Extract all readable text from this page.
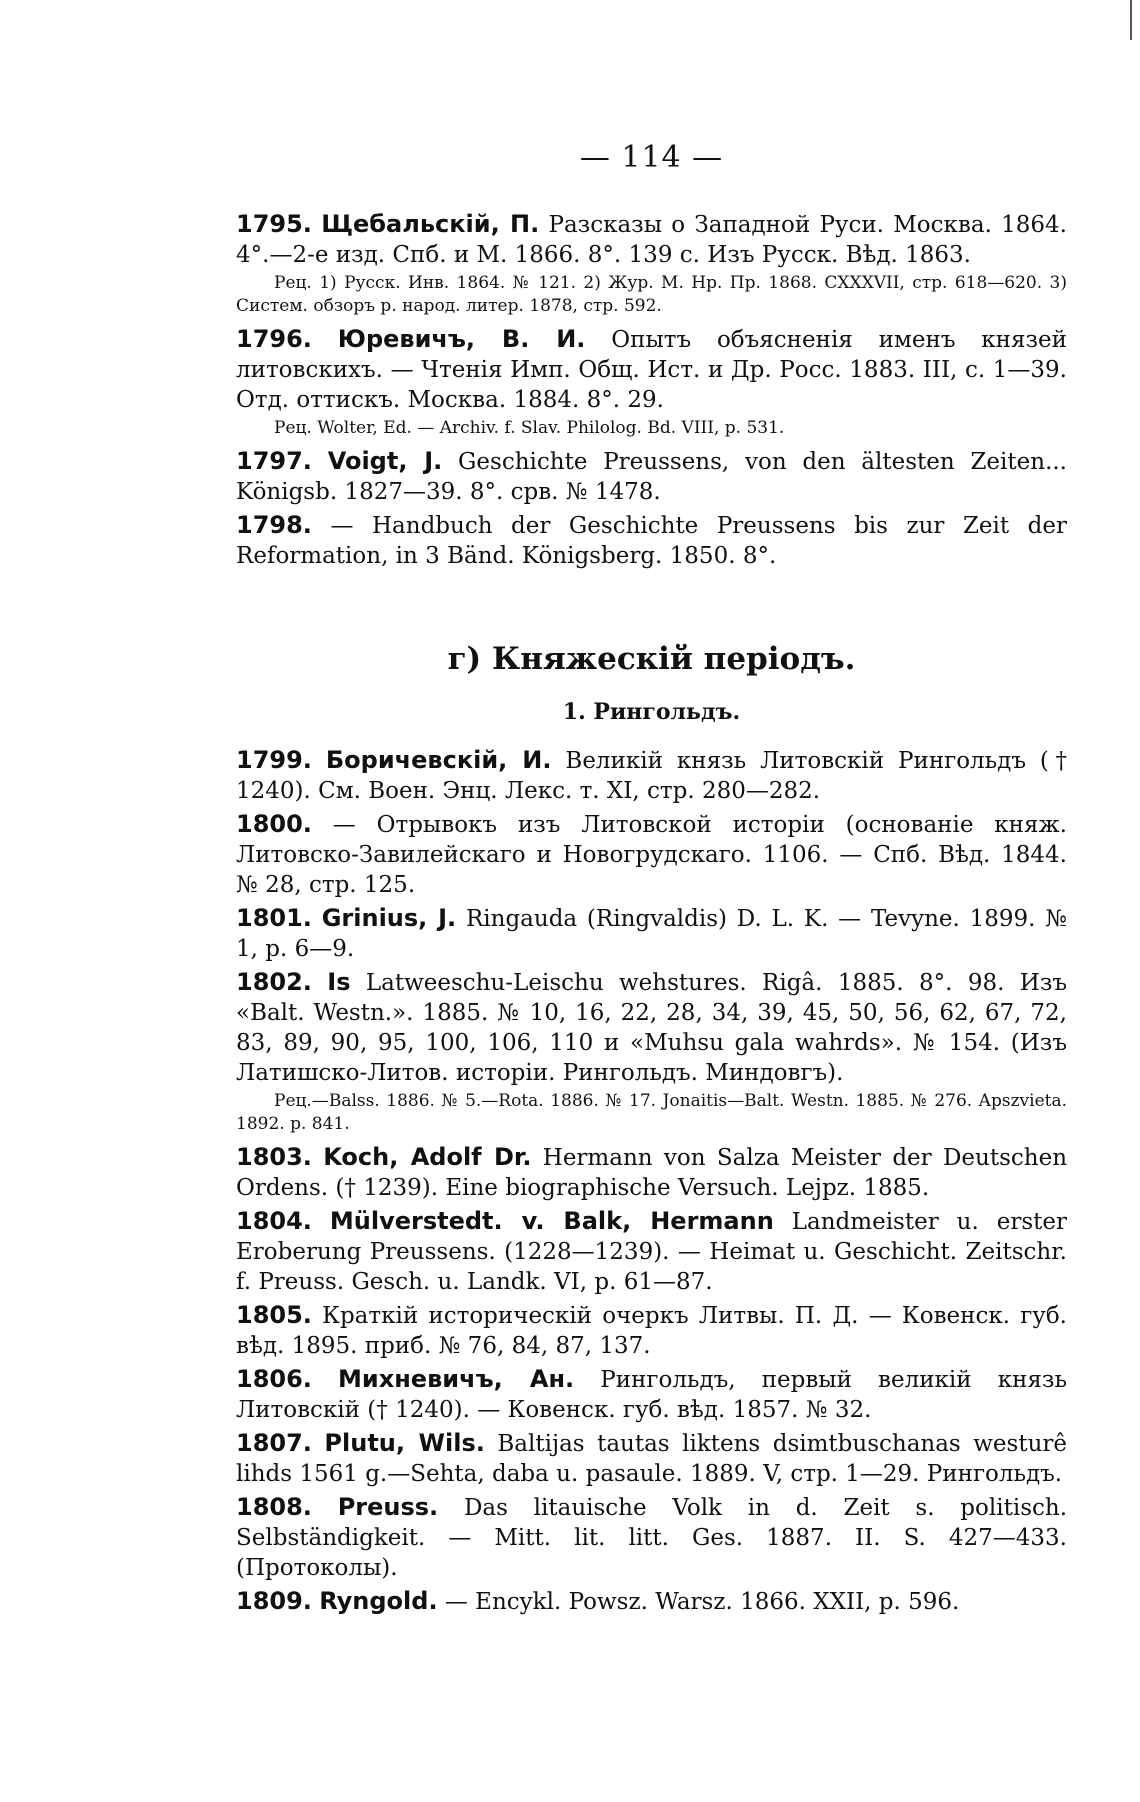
— 114 —

1795. Щебальскій, П. Разсказы о Западной Руси. Москва. 1864. 4°.—2-е изд. Спб. и М. 1866. 8°. 139 с. Изъ Русск. Вѣд. 1863.

Рец. 1) Русск. Инв. 1864. № 121. 2) Жур. М. Нр. Пр. 1868. CXXXVII, стр. 618—620. 3) Систем. обзоръ р. народ. литер. 1878, стр. 592.

1796. Юревичъ, В. И. Опытъ объясненія именъ князей литовскихъ. — Чтенія Имп. Общ. Ист. и Др. Росс. 1883. III, с. 1—39. Отд. оттискъ. Москва. 1884. 8°. 29.

Рец. Wolter, Ed. — Archiv. f. Slav. Philolog. Bd. VIII, p. 531.

1797. Voigt, J. Geschichte Preussens, von den ältesten Zeiten... Königsb. 1827—39. 8°. срв. № 1478.

1798. — Handbuch der Geschichte Preussens bis zur Zeit der Reformation, in 3 Bänd. Königsberg. 1850. 8°.

г) Княжескій періодъ.
1. Рингольдъ.

1799. Боричевскій, И. Великій князь Литовскій Рингольдъ († 1240). См. Воен. Энц. Лекс. т. XI, стр. 280—282.

1800. — Отрывокъ изъ Литовской исторіи (основаніе княж. Литовско-Завилейскаго и Новогрудскаго. 1106. — Спб. Вѣд. 1844. № 28, стр. 125.

1801. Grinius, J. Ringauda (Ringvaldis) D. L. K. — Tevyne. 1899. № 1, p. 6—9.

1802. Is Latweeschu-Leischu wehstures. Rigâ. 1885. 8°. 98. Изъ «Balt. Westn.». 1885. № 10, 16, 22, 28, 34, 39, 45, 50, 56, 62, 67, 72, 83, 89, 90, 95, 100, 106, 110 и «Muhsu gala wahrds». № 154. (Изъ Латишско-Литов. исторіи. Рингольдъ. Миндовгъ).

Рец.—Balss. 1886. № 5.—Rota. 1886. № 17. Jonaitis—Balt. Westn. 1885. № 276. Apszvieta. 1892. p. 841.

1803. Koch, Adolf Dr. Hermann von Salza Meister der Deutschen Ordens. († 1239). Eine biographische Versuch. Lejpz. 1885.

1804. Mülverstedt. v. Balk, Hermann Landmeister u. erster Eroberung Preussens. (1228—1239). — Heimat u. Geschicht. Zeitschr. f. Preuss. Gesch. u. Landk. VI, p. 61—87.

1805. Краткій историческій очеркъ Литвы. П. Д. — Ковенск. губ. вѣд. 1895. приб. № 76, 84, 87, 137.

1806. Михневичъ, Ан. Рингольдъ, первый великій князь Литовскій († 1240). — Ковенск. губ. вѣд. 1857. № 32.

1807. Plutu, Wils. Baltijas tautas liktens dsimtbuschanas westurê lihds 1561 g.—Sehta, daba u. pasaule. 1889. V, стр. 1—29. Рингольдъ.

1808. Preuss. Das litauische Volk in d. Zeit s. politisch. Selbständigkeit. — Mitt. lit. litt. Ges. 1887. II. S. 427—433. (Протоколы).

1809. Ryngold. — Encykl. Powsz. Warsz. 1866. XXII, p. 596.
